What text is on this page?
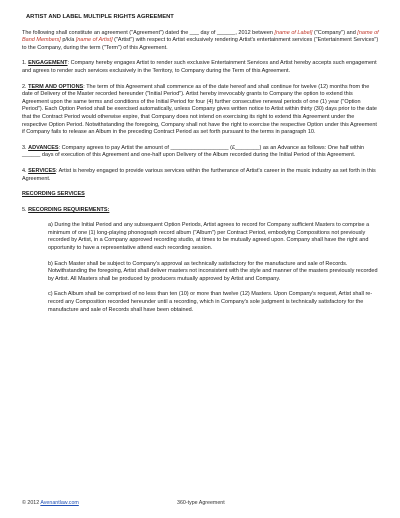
ARTIST AND LABEL MULTIPLE RIGHTS AGREEMENT

The following shall constitute an agreement ("Agreement") dated the ___ day of ______, 2012 between [name of Label] ("Company") and [name of Band Members] p/k/a [name of Artist] ("Artist") with respect to Artist exclusively rendering Artist's entertainment services ("Entertainment Services") to the Company, during the term ("Term") of this Agreement.

1. ENGAGEMENT: Company hereby engages Artist to render such exclusive Entertainment Services and Artist hereby accepts such engagement and agrees to render such services exclusively in the Territory, to Company during the Term of this Agreement.

2. TERM AND OPTIONS: The term of this Agreement shall commence as of the date hereof and shall continue for twelve (12) months from the date of Delivery of the Master recorded hereunder ("Initial Period"). Artist hereby irrevocably grants to Company the option to extend this Agreement upon the same terms and conditions of the Initial Period for four (4) further consecutive renewal periods of one (1) year ("Option Period"). Each Option Period shall be exercised automatically, unless Company gives written notice to Artist within thirty (30) days prior to the date that the Contract Period would otherwise expire, that Company does not intend on exercising its right to extend this Agreement under the respective Option Period. Notwithstanding the foregoing, Company shall not have the right to exercise the respective Option under this Agreement if Company fails to release an Album in the preceding Contract Period as set forth pursuant to the terms in paragraph 10.

3. ADVANCES: Company agrees to pay Artist the amount of ___________________ (£________) as an Advance as follows: One half within ______ days of execution of this Agreement and one-half upon Delivery of the Album recorded during the Initial Period of this Agreement.

4. SERVICES: Artist is hereby engaged to provide various services within the furtherance of Artist's career in the music industry as set forth in this Agreement.

RECORDING SERVICES

5. RECORDING REQUIREMENTS:

a) During the Initial Period and any subsequent Option Periods, Artist agrees to record for Company sufficient Masters to comprise a minimum of one (1) long-playing phonograph record album ("Album") per Contract Period, embodying Compositions not previously recorded by Artist, in a Company approved recording studio, at times to be mutually agreed upon. Company shall have the right and opportunity to have a representative attend each recording session.

b) Each Master shall be subject to Company's approval as technically satisfactory for the manufacture and sale of Records. Notwithstanding the foregoing, Artist shall deliver masters not inconsistent with the style and manner of the masters previously recorded by Artist. All Masters shall be produced by producers mutually approved by Artist and Company.

c) Each Album shall be comprised of no less than ten (10) or more than twelve (12) Masters. Upon Company's request, Artist shall re-record any Composition recorded hereunder until a recording, which in Company's sole judgment is technically satisfactory for the manufacture and sale of Records shall have been obtained.

© 2012 Avenantlaw.com	360-type Agreement
